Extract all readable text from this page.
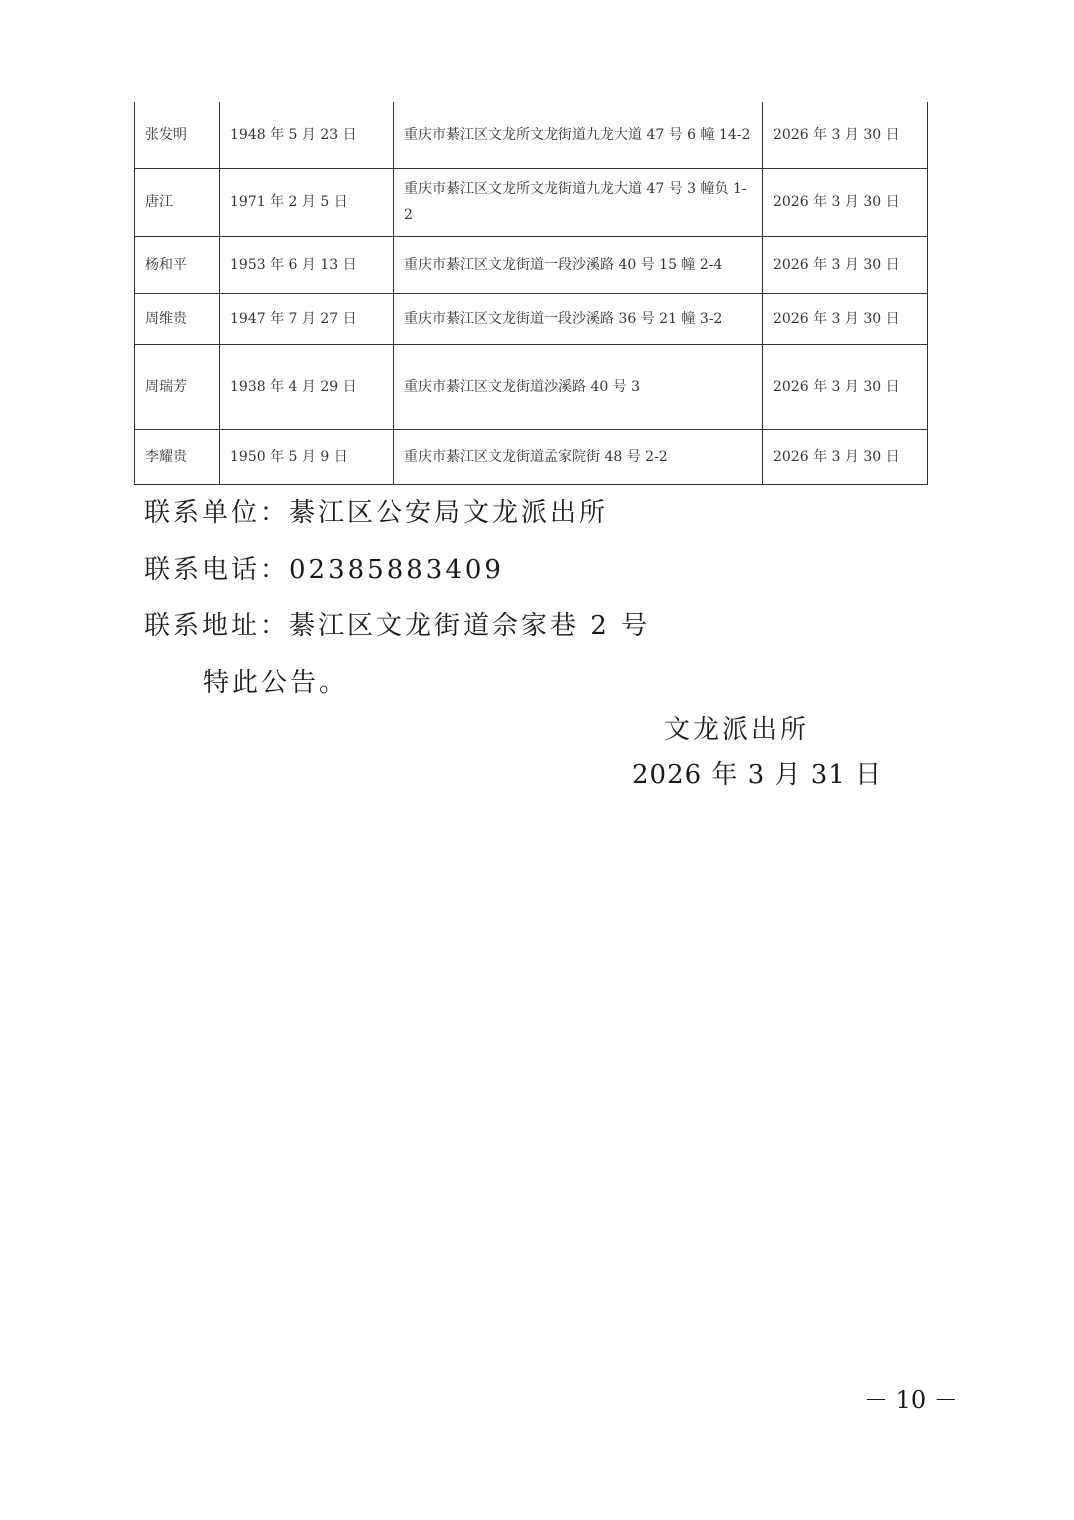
张发明	1948 年 5 月 23 日	重庆市綦江区文龙所文龙街道九龙大道 47 号 6 幢 14-2	2026 年 3 月 30 日
唐江	1971 年 2 月 5 日	重庆市綦江区文龙所文龙街道九龙大道 47 号 3 幢负 1-2	2026 年 3 月 30 日
杨和平	1953 年 6 月 13 日	重庆市綦江区文龙街道一段沙溪路 40 号 15 幢 2-4	2026 年 3 月 30 日
周维贵	1947 年 7 月 27 日	重庆市綦江区文龙街道一段沙溪路 36 号 21 幢 3-2	2026 年 3 月 30 日
周瑞芳	1938 年 4 月 29 日	重庆市綦江区文龙街道沙溪路 40 号 3	2026 年 3 月 30 日
李耀贵	1950 年 5 月 9 日	重庆市綦江区文龙街道孟家院街 48 号 2-2	2026 年 3 月 30 日
联系单位：綦江区公安局文龙派出所
联系电话：02385883409
联系地址：綦江区文龙街道佘家巷 2 号
特此公告。
文龙派出所
2026 年 3 月 31 日
－ 10 －
